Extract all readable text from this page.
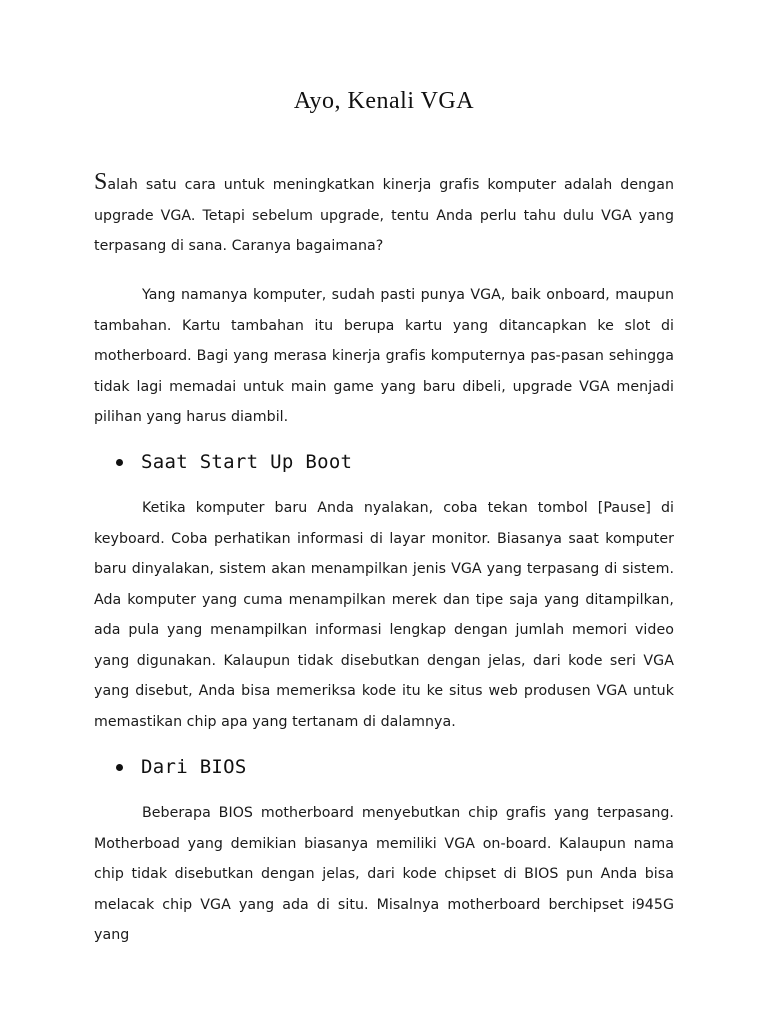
Ayo, Kenali VGA

Salah satu cara untuk meningkatkan kinerja grafis komputer adalah dengan upgrade VGA. Tetapi sebelum upgrade, tentu Anda perlu tahu dulu VGA yang terpasang di sana. Caranya bagaimana?

Yang namanya komputer, sudah pasti punya VGA, baik onboard, maupun tambahan. Kartu tambahan itu berupa kartu yang ditancapkan ke slot di motherboard. Bagi yang merasa kinerja grafis komputernya pas-pasan sehingga tidak lagi memadai untuk main game yang baru dibeli, upgrade VGA menjadi pilihan yang harus diambil.

Saat Start Up Boot

Ketika komputer baru Anda nyalakan, coba tekan tombol [Pause] di keyboard. Coba perhatikan informasi di layar monitor. Biasanya saat komputer baru dinyalakan, sistem akan menampilkan jenis VGA yang terpasang di sistem. Ada komputer yang cuma menampilkan merek dan tipe saja yang ditampilkan, ada pula yang menampilkan informasi lengkap dengan jumlah memori video yang digunakan. Kalaupun tidak disebutkan dengan jelas, dari kode seri VGA yang disebut, Anda bisa memeriksa kode itu ke situs web produsen VGA untuk memastikan chip apa yang tertanam di dalamnya.

Dari BIOS

Beberapa BIOS motherboard menyebutkan chip grafis yang terpasang. Motherboad yang demikian biasanya memiliki VGA on-board. Kalaupun nama chip tidak disebutkan dengan jelas, dari kode chipset di BIOS pun Anda bisa melacak chip VGA yang ada di situ. Misalnya motherboard berchipset i945G yang
